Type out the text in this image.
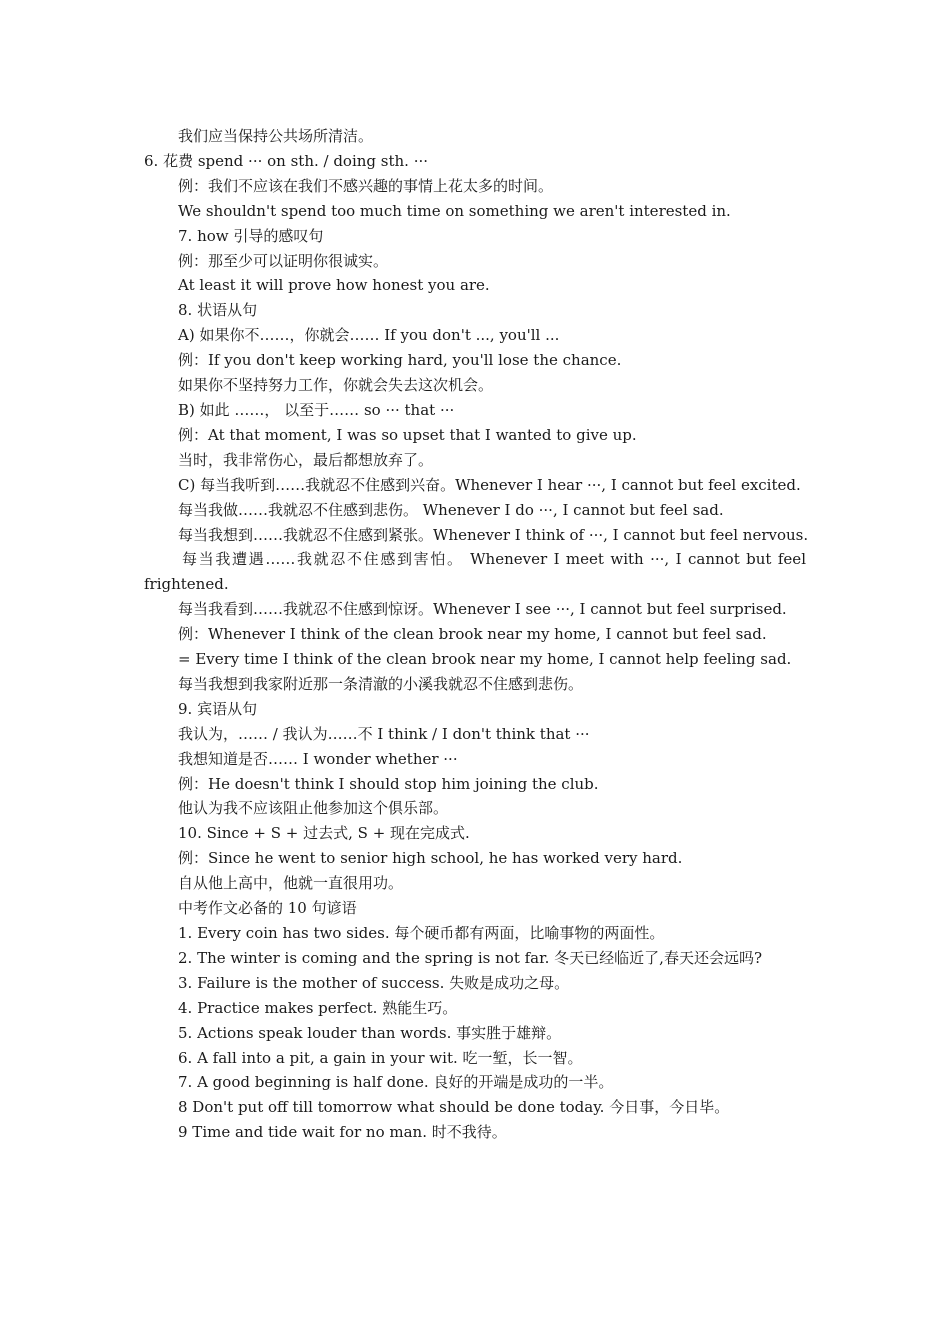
我们应当保持公共场所清洁。
6. 花费 spend ··· on sth. / doing sth. ···
例：我们不应该在我们不感兴趣的事情上花太多的时间。
We shouldn't spend too much time on something we aren't interested in.
7. how 引导的感叹句
例：那至少可以证明你很诚实。
At least it will prove how honest you are.
8. 状语从句
A) 如果你不……，你就会…… If you don't ..., you'll ...
例：If you don't keep working hard, you'll lose the chance.
如果你不坚持努力工作，你就会失去这次机会。
B) 如此 ……， 以至于…… so ··· that ···
例：At that moment, I was so upset that I wanted to give up.
当时，我非常伤心，最后都想放弃了。
C) 每当我听到……我就忍不住感到兴奋。Whenever I hear ···, I cannot but feel excited.
每当我做……我就忍不住感到悲伤。 Whenever I do ···, I cannot but feel sad.
每当我想到……我就忍不住感到紧张。Whenever I think of ···, I cannot but feel nervous.
每当我遭遇……我就忍不住感到害怕。 Whenever I meet with ···, I cannot but feel frightened.
每当我看到……我就忍不住感到惊讶。Whenever I see ···, I cannot but feel surprised.
例：Whenever I think of the clean brook near my home, I cannot but feel sad.
= Every time I think of the clean brook near my home, I cannot help feeling sad.
每当我想到我家附近那一条清澈的小溪我就忍不住感到悲伤。
9. 宾语从句
我认为，…… / 我认为……不 I think / I don't think that ···
我想知道是否…… I wonder whether ···
例：He doesn't think I should stop him joining the club.
他认为我不应该阻止他参加这个俱乐部。
10. Since + S + 过去式, S + 现在完成式.
例：Since he went to senior high school, he has worked very hard.
自从他上高中，他就一直很用功。
中考作文必备的 10 句谚语
1. Every coin has two sides. 每个硬币都有两面，比喻事物的两面性。
2. The winter is coming and the spring is not far. 冬天已经临近了,春天还会远吗?
3. Failure is the mother of success. 失败是成功之母。
4. Practice makes perfect. 熟能生巧。
5. Actions speak louder than words. 事实胜于雄辩。
6. A fall into a pit, a gain in your wit. 吃一堑，长一智。
7. A good beginning is half done. 良好的开端是成功的一半。
8 Don't put off till tomorrow what should be done today. 今日事，今日毕。
9 Time and tide wait for no man. 时不我待。
